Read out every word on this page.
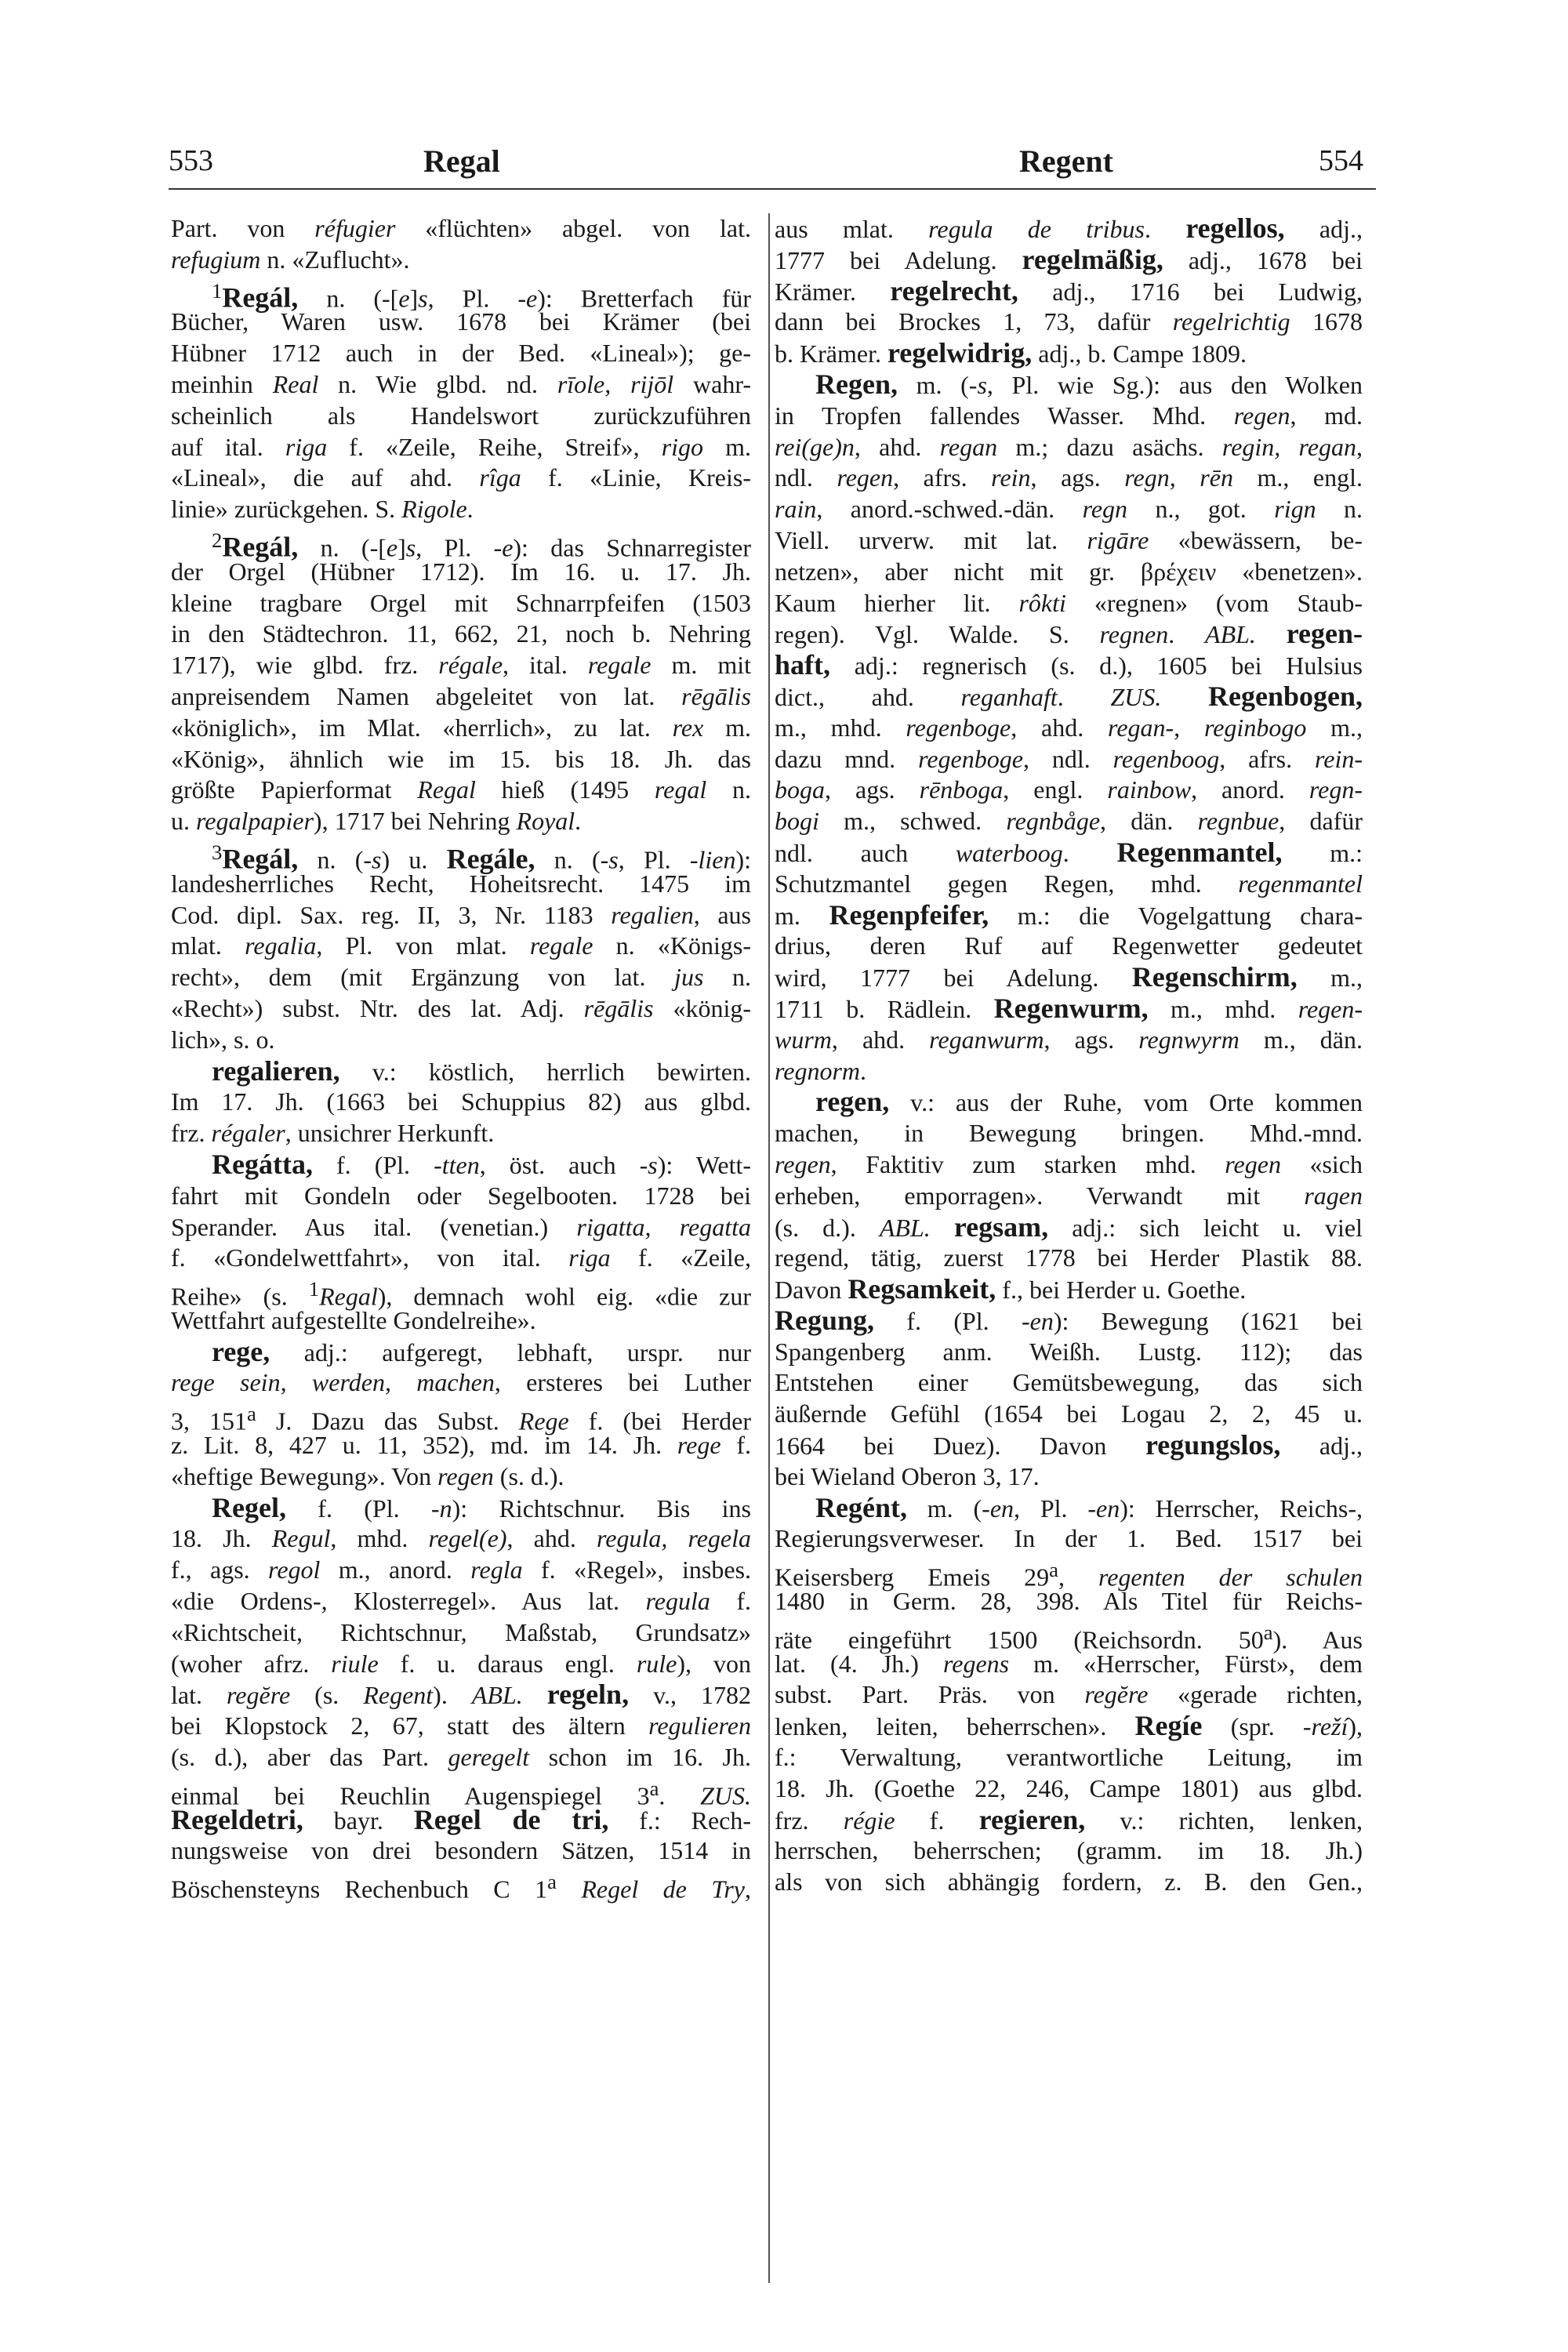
553	Regal	Regent	554
Part. von réfugier «flüchten» abgel. von lat.
refugium n. «Zuflucht».
$^1$Regál, n. (-[e]s, Pl. -e): Bretterfach für
Bücher, Waren usw. 1678 bei Krämer (bei
Hübner 1712 auch in der Bed. «Lineal»); ge-
meinhin Real n. Wie glbd. nd. rīole, rijōl wahr-
scheinlich als Handelswort zurückzuführen
auf ital. riga f. «Zeile, Reihe, Streif», rigo m.
«Lineal», die auf ahd. rîga f. «Linie, Kreis-
linie» zurückgehen. S. Rigole.
$^2$Regál, n. (-[e]s, Pl. -e): das Schnarregister
der Orgel (Hübner 1712). Im 16. u. 17. Jh.
kleine tragbare Orgel mit Schnarrpfeifen (1503
in den Städtechron. 11, 662, 21, noch b. Nehring
1717), wie glbd. frz. régale, ital. regale m. mit
anpreisendem Namen abgeleitet von lat. rēgālis
«königlich», im Mlat. «herrlich», zu lat. rex m.
«König», ähnlich wie im 15. bis 18. Jh. das
größte Papierformat Regal hieß (1495 regal n.
u. regalpapier), 1717 bei Nehring Royal.
$^3$Regál, n. (-s) u. Regále, n. (-s, Pl. -lien):
landesherrliches Recht, Hoheitsrecht. 1475 im
Cod. dipl. Sax. reg. II, 3, Nr. 1183 regalien, aus
mlat. regalia, Pl. von mlat. regale n. «Königs-
recht», dem (mit Ergänzung von lat. jus n.
«Recht») subst. Ntr. des lat. Adj. rēgālis «könig-
lich», s. o.
regalieren, v.: köstlich, herrlich bewirten.
Im 17. Jh. (1663 bei Schuppius 82) aus glbd.
frz. régaler, unsichrer Herkunft.
Regátta, f. (Pl. -tten, öst. auch -s): Wett-
fahrt mit Gondeln oder Segelbooten. 1728 bei
Sperander. Aus ital. (venetian.) rigatta, regatta
f. «Gondelwettfahrt», von ital. riga f. «Zeile,
Reihe» (s. $^1$Regal), demnach wohl eig. «die zur
Wettfahrt aufgestellte Gondelreihe».
rege, adj.: aufgeregt, lebhaft, urspr. nur
rege sein, werden, machen, ersteres bei Luther
3, 151$^a$ J. Dazu das Subst. Rege f. (bei Herder
z. Lit. 8, 427 u. 11, 352), md. im 14. Jh. rege f.
«heftige Bewegung». Von regen (s. d.).
Regel, f. (Pl. -n): Richtschnur. Bis ins
18. Jh. Regul, mhd. regel(e), ahd. regula, regela
f., ags. regol m., anord. regla f. «Regel», insbes.
«die Ordens-, Klosterregel». Aus lat. regula f.
«Richtscheit, Richtschnur, Maßstab, Grundsatz»
(woher afrz. riule f. u. daraus engl. rule), von
lat. regĕre (s. Regent). ABL. regeln, v., 1782
bei Klopstock 2, 67, statt des ältern regulieren
(s. d.), aber das Part. geregelt schon im 16. Jh.
einmal bei Reuchlin Augenspiegel 3$^a$. ZUS.
Regeldetri, bayr. Regel de tri, f.: Rech-
nungsweise von drei besondern Sätzen, 1514 in
Böschensteyns Rechenbuch C 1$^a$ Regel de Try,
aus mlat. regula de tribus. regellos, adj.,
1777 bei Adelung. regelmäßig, adj., 1678 bei
Krämer. regelrecht, adj., 1716 bei Ludwig,
dann bei Brockes 1, 73, dafür regelrichtig 1678
b. Krämer. regelwidrig, adj., b. Campe 1809.
Regen, m. (-s, Pl. wie Sg.): aus den Wolken
in Tropfen fallendes Wasser. Mhd. regen, md.
rei(ge)n, ahd. regan m.; dazu asächs. regin, regan,
ndl. regen, afrs. rein, ags. regn, rēn m., engl.
rain, anord.-schwed.-dän. regn n., got. rign n.
Viell. urverw. mit lat. rigāre «bewässern, be-
netzen», aber nicht mit gr. βρέχειν «benetzen».
Kaum hierher lit. rôkti «regnen» (vom Staub-
regen). Vgl. Walde. S. regnen. ABL. regen-
haft, adj.: regnerisch (s. d.), 1605 bei Hulsius
dict., ahd. reganhaft. ZUS. Regenbogen,
m., mhd. regenboge, ahd. regan-, reginbogo m.,
dazu mnd. regenboge, ndl. regenboog, afrs. rein-
boga, ags. rēnboga, engl. rainbow, anord. regn-
bogi m., schwed. regnbåge, dän. regnbue, dafür
ndl. auch waterboog. Regenmantel, m.:
Schutzmantel gegen Regen, mhd. regenmantel
m. Regenpfeifer, m.: die Vogelgattung chara-
drius, deren Ruf auf Regenwetter gedeutet
wird, 1777 bei Adelung. Regenschirm, m.,
1711 b. Rädlein. Regenwurm, m., mhd. regen-
wurm, ahd. reganwurm, ags. regnwyrm m., dän.
regnorm.
regen, v.: aus der Ruhe, vom Orte kommen
machen, in Bewegung bringen. Mhd.-mnd.
regen, Faktitiv zum starken mhd. regen «sich
erheben, emporragen». Verwandt mit ragen
(s. d.). ABL. regsam, adj.: sich leicht u. viel
regend, tätig, zuerst 1778 bei Herder Plastik 88.
Davon Regsamkeit, f., bei Herder u. Goethe.
Regung, f. (Pl. -en): Bewegung (1621 bei
Spangenberg anm. Weißh. Lustg. 112); das
Entstehen einer Gemütsbewegung, das sich
äußernde Gefühl (1654 bei Logau 2, 2, 45 u.
1664 bei Duez). Davon regungslos, adj.,
bei Wieland Oberon 3, 17.
Regént, m. (-en, Pl. -en): Herrscher, Reichs-,
Regierungsverweser. In der 1. Bed. 1517 bei
Keisersberg Emeis 29$^a$, regenten der schulen
1480 in Germ. 28, 398. Als Titel für Reichs-
räte eingeführt 1500 (Reichsordn. 50$^a$). Aus
lat. (4. Jh.) regens m. «Herrscher, Fürst», dem
subst. Part. Präs. von regĕre «gerade richten,
lenken, leiten, beherrschen». Regíe (spr. -reží),
f.: Verwaltung, verantwortliche Leitung, im
18. Jh. (Goethe 22, 246, Campe 1801) aus glbd.
frz. régie f. regieren, v.: richten, lenken,
herrschen, beherrschen; (gramm. im 18. Jh.)
als von sich abhängig fordern, z. B. den Gen.,
